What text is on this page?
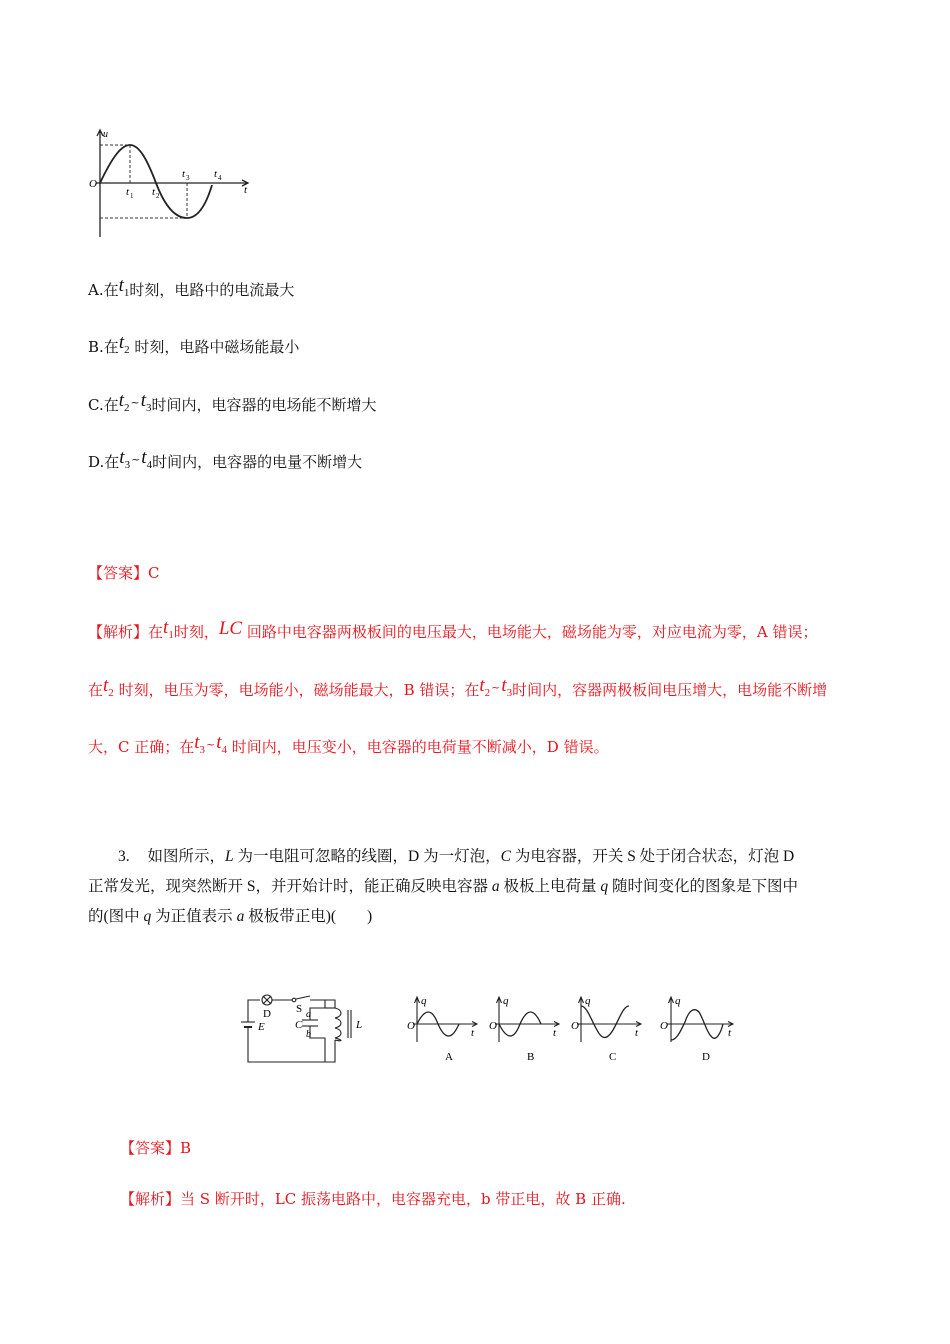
u
O	t
t 1 t 2
t 3 t 4
A.在t1时刻，电路中的电流最大
B.在t2 时刻，电路中磁场能最小
C.在t2~t3时间内，电容器的电场能不断增大
D.在t3~t4时间内，电容器的电量不断增大
【答案】C
【解析】在t1时刻，LC 回路中电容器两极板间的电压最大，电场能大，磁场能为零，对应电流为零，A 错误；
在t2 时刻，电压为零，电场能小，磁场能最大，B 错误；在t2~t3时间内，容器两极板间电压增大，电场能不断增
大，C 正确；在t3~t4 时间内，电压变小，电容器的电荷量不断减小，D 错误。
3. 如图所示，L 为一电阻可忽略的线圈，D 为一灯泡，C 为电容器，开关 S 处于闭合状态，灯泡 D
正常发光，现突然断开 S，并开始计时，能正确反映电容器 a 极板上电荷量 q 随时间变化的图象是下图中
的(图中 q 为正值表示 a 极板带正电)(　　)
D S
E	C
a
b
L
q
O
t
A
q
O
t
B
q
O
t
C
q
O
t
D
【答案】B
【解析】当 S 断开时，LC 振荡电路中，电容器充电，b 带正电，故 B 正确.
